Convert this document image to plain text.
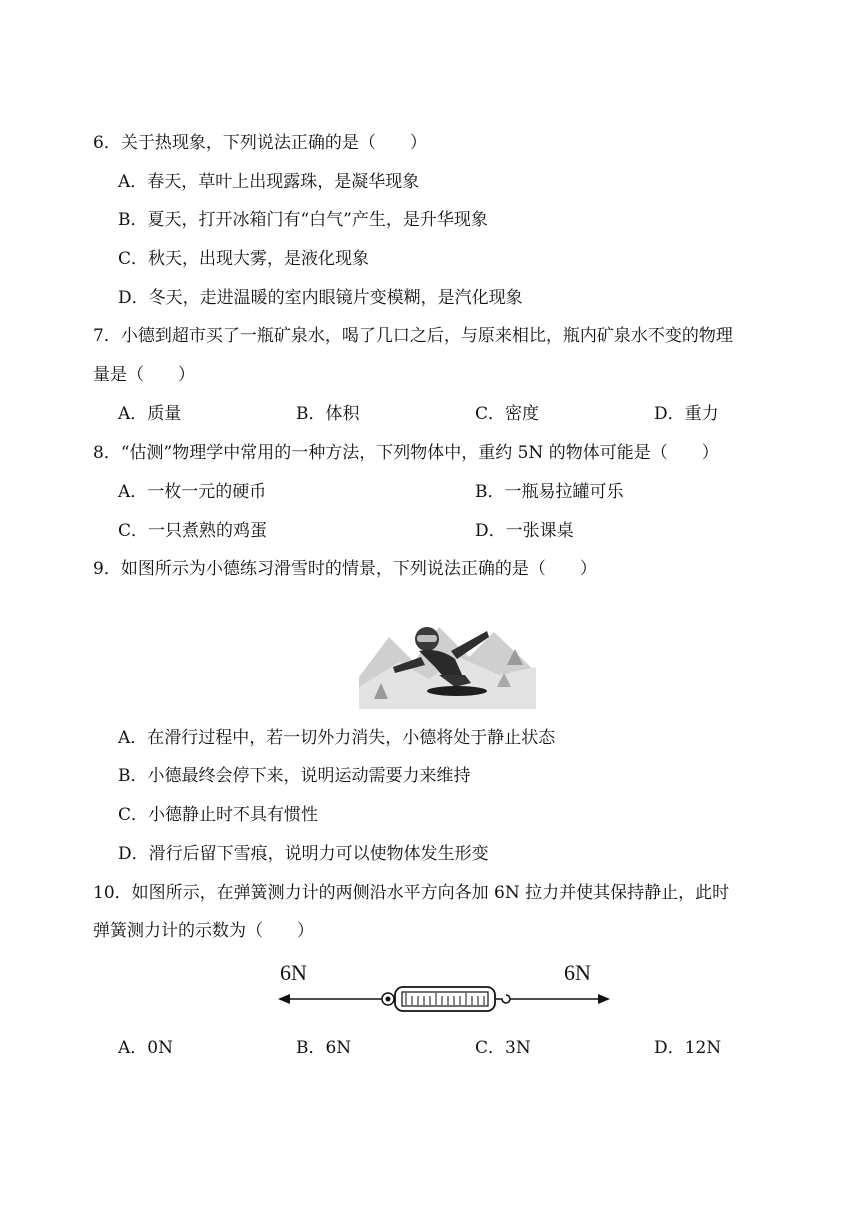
6．关于热现象，下列说法正确的是（　　）
A．春天，草叶上出现露珠，是凝华现象
B．夏天，打开冰箱门有“白气”产生，是升华现象
C．秋天，出现大雾，是液化现象
D．冬天，走进温暖的室内眼镜片变模糊，是汽化现象
7．小德到超市买了一瓶矿泉水，喝了几口之后，与原来相比，瓶内矿泉水不变的物理
量是（　　）
A．质量	B．体积	C．密度	D．重力
8．“估测”物理学中常用的一种方法，下列物体中，重约 5N 的物体可能是（　　）
A．一枚一元的硬币	B．一瓶易拉罐可乐
C．一只煮熟的鸡蛋	D．一张课桌
9．如图所示为小德练习滑雪时的情景，下列说法正确的是（　　）
A．在滑行过程中，若一切外力消失，小德将处于静止状态
B．小德最终会停下来，说明运动需要力来维持
C．小德静止时不具有惯性
D．滑行后留下雪痕，说明力可以使物体发生形变
10．如图所示，在弹簧测力计的两侧沿水平方向各加 6N 拉力并使其保持静止，此时
弹簧测力计的示数为（　　）
6N	6N
A．0N	B．6N	C．3N	D．12N
